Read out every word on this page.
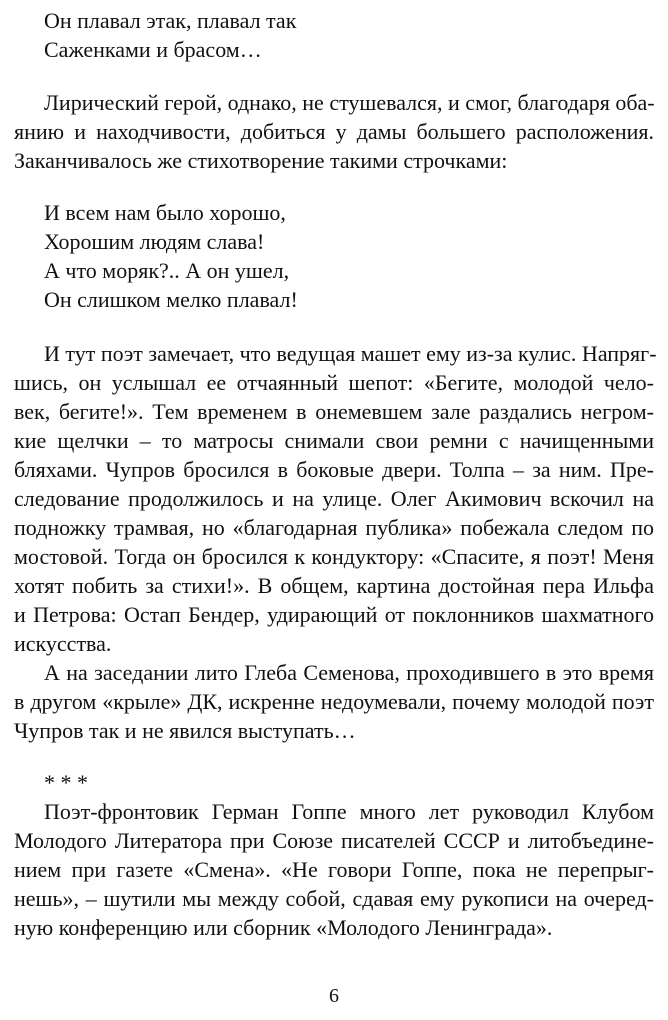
Он плавал этак, плавал так
Саженками и брасом…
Лирический герой, однако, не стушевался, и смог, благодаря оба-
янию и находчивости, добиться у дамы большего расположения.
Заканчивалось же стихотворение такими строчками:
И всем нам было хорошо,
Хорошим людям слава!
А что моряк?.. А он ушел,
Он слишком мелко плавал!
И тут поэт замечает, что ведущая машет ему из-за кулис. Напряг-
шись, он услышал ее отчаянный шепот: «Бегите, молодой чело-
век, бегите!». Тем временем в онемевшем зале раздались негром-
кие щелчки – то матросы снимали свои ремни с начищенными
бляхами. Чупров бросился в боковые двери. Толпа – за ним. Пре-
следование продолжилось и на улице. Олег Акимович вскочил на
подножку трамвая, но «благодарная публика» побежала следом по
мостовой. Тогда он бросился к кондуктору: «Спасите, я поэт! Меня
хотят побить за стихи!». В общем, картина достойная пера Ильфа
и Петрова: Остап Бендер, удирающий от поклонников шахматного
искусства.
А на заседании лито Глеба Семенова, проходившего в это время
в другом «крыле» ДК, искренне недоумевали, почему молодой поэт
Чупров так и не явился выступать…
* * *
Поэт-фронтовик Герман Гоппе много лет руководил Клубом
Молодого Литератора при Союзе писателей СССР и литобъедине-
нием при газете «Смена». «Не говори Гоппе, пока не перепрыг-
нешь», – шутили мы между собой, сдавая ему рукописи на очеред-
ную конференцию или сборник «Молодого Ленинграда».
6
